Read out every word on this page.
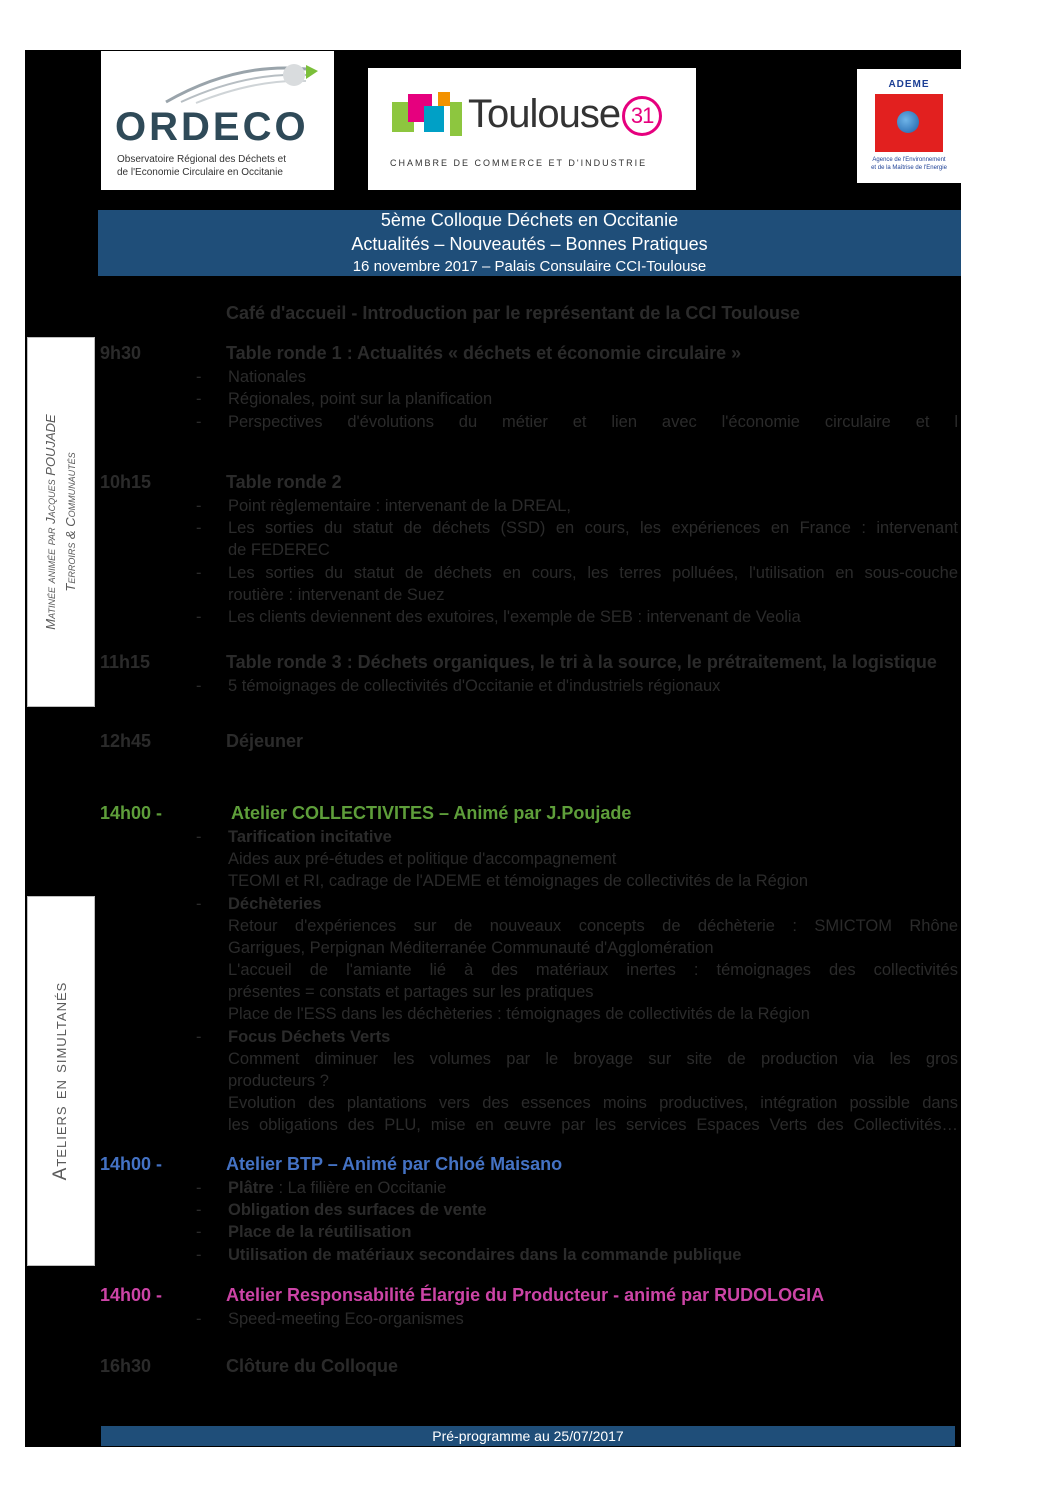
ORDECO
Observatoire Régional des Déchets et
de l'Economie Circulaire en Occitanie
Toulouse 31
CHAMBRE DE COMMERCE ET D'INDUSTRIE
ADEME
Agence de l'Environnement
et de la Maîtrise de l'Energie
5ème Colloque Déchets en Occitanie
Actualités – Nouveautés – Bonnes Pratiques
16 novembre 2017 – Palais Consulaire CCI-Toulouse
Matinée animée par Jacques POUJADE Terroirs & Communautés
Ateliers en simultanés
Café d'accueil - Introduction par le représentant de la CCI Toulouse
9h30	Table ronde 1 : Actualités « déchets et économie circulaire »
- Nationales
- Régionales, point sur la planification
- Perspectives d'évolutions du métier et lien avec l'économie circulaire et l
10h15	Table ronde 2
- Point règlementaire : intervenant de la DREAL,
- Les sorties du statut de déchets (SSD) en cours, les expériences en France : intervenant
de FEDEREC
- Les sorties du statut de déchets en cours, les terres polluées, l'utilisation en sous-couche
routière : intervenant de Suez
- Les clients deviennent des exutoires, l'exemple de SEB : intervenant de Veolia
11h15	Table ronde 3 : Déchets organiques, le tri à la source, le prétraitement, la logistique
- 5 témoignages de collectivités d'Occitanie et d'industriels régionaux
12h45	Déjeuner
14h00 -	Atelier COLLECTIVITES – Animé par J.Poujade
- Tarification incitative
Aides aux pré-études et politique d'accompagnement
TEOMI et RI, cadrage de l'ADEME et témoignages de collectivités de la Région
- Déchèteries
Retour d'expériences sur de nouveaux concepts de déchèterie : SMICTOM Rhône
Garrigues, Perpignan Méditerranée Communauté d'Agglomération
L'accueil de l'amiante lié à des matériaux inertes : témoignages des collectivités
présentes = constats et partages sur les pratiques
Place de l'ESS dans les déchèteries : témoignages de collectivités de la Région
- Focus Déchets Verts
Comment diminuer les volumes par le broyage sur site de production via les gros
producteurs ?
Evolution des plantations vers des essences moins productives, intégration possible dans
les obligations des PLU, mise en œuvre par les services Espaces Verts des Collectivités…
14h00 -	Atelier BTP – Animé par Chloé Maisano
- Plâtre : La filière en Occitanie
- Obligation des surfaces de vente
- Place de la réutilisation
- Utilisation de matériaux secondaires dans la commande publique
14h00 -	Atelier Responsabilité Élargie du Producteur - animé par RUDOLOGIA
- Speed-meeting Eco-organismes
16h30	Clôture du Colloque
Pré-programme au 25/07/2017
